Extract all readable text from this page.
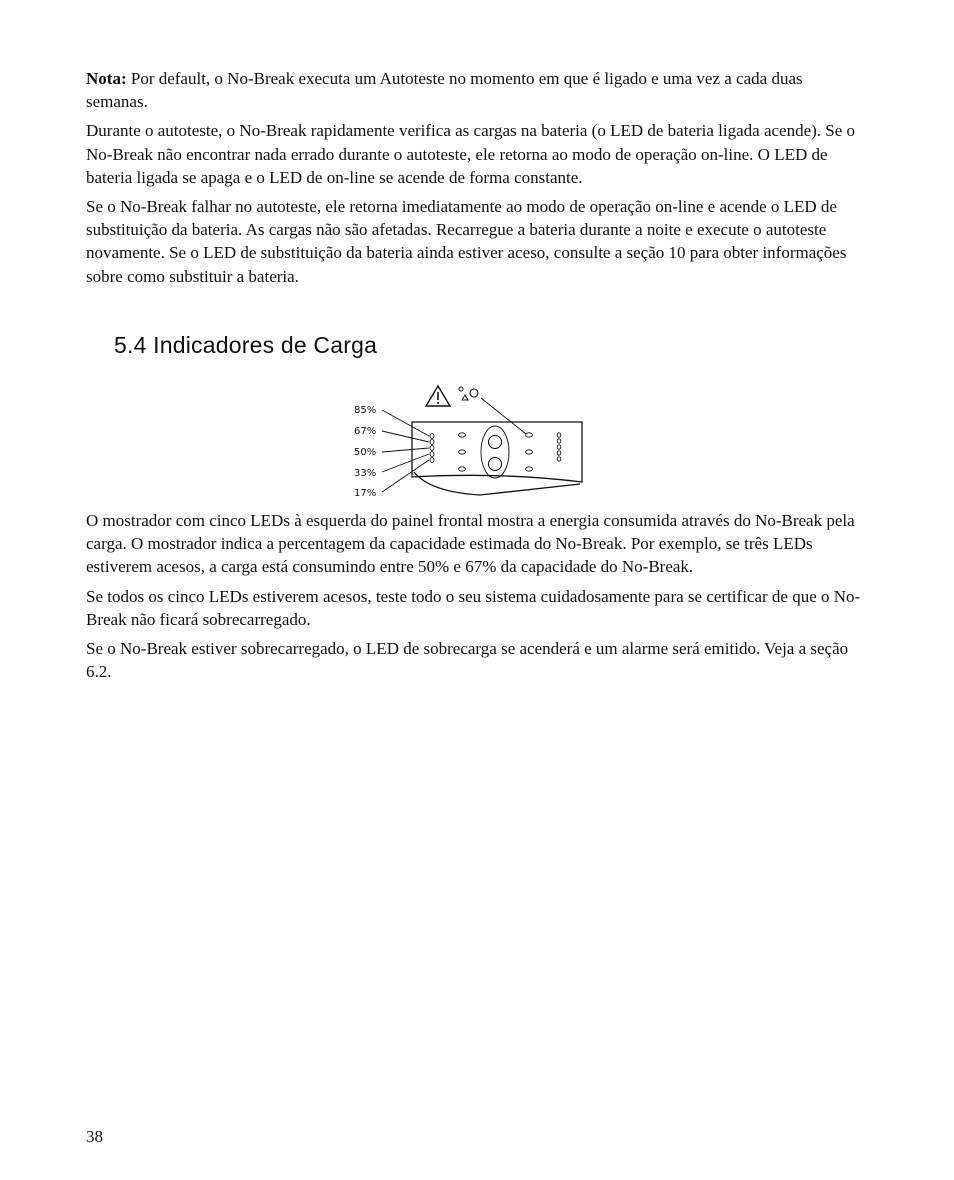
Nota: Por default, o No-Break executa um Autoteste no momento em que é ligado e uma vez a cada duas semanas.

Durante o autoteste, o No-Break rapidamente verifica as cargas na bateria (o LED de bateria ligada acende). Se o No-Break não encontrar nada errado durante o autoteste, ele retorna ao modo de operação on-line. O LED de bateria ligada se apaga e o LED de on-line se acende de forma constante.

Se o No-Break falhar no autoteste, ele retorna imediatamente ao modo de operação on-line e acende o LED de substituição da bateria. As cargas não são afetadas. Recarregue a bateria durante a noite e execute o autoteste novamente. Se o LED de substituição da bateria ainda estiver aceso, consulte a seção 10 para obter informações sobre como substituir a bateria.

5.4 Indicadores de Carga
85%
67%
50%
33%
17%

O mostrador com cinco LEDs à esquerda do painel frontal mostra a energia consumida através do No-Break pela carga. O mostrador indica a percentagem da capacidade estimada do No-Break. Por exemplo, se três LEDs estiverem acesos, a carga está consumindo entre 50% e 67% da capacidade do No-Break.

Se todos os cinco LEDs estiverem acesos, teste todo o seu sistema cuidadosamente para se certificar de que o No-Break não ficará sobrecarregado.

Se o No-Break estiver sobrecarregado, o LED de sobrecarga se acenderá e um alarme será emitido. Veja a seção 6.2.

38
